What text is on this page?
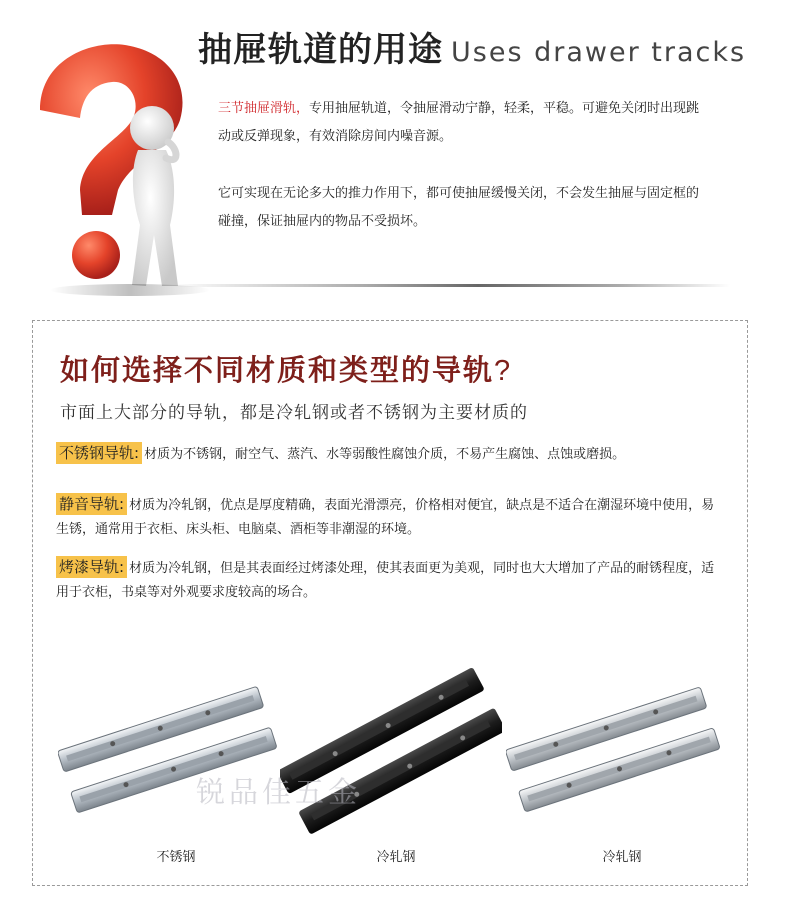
抽屉轨道的用途 Uses drawer tracks
三节抽屉滑轨，专用抽屉轨道，令抽屉滑动宁静，轻柔，平稳。可避免关闭时出现跳动或反弹现象，有效消除房间内噪音源。
它可实现在无论多大的推力作用下，都可使抽屉缓慢关闭，不会发生抽屉与固定框的碰撞，保证抽屉内的物品不受损坏。
如何选择不同材质和类型的导轨?
市面上大部分的导轨，都是冷轧钢或者不锈钢为主要材质的
不锈钢导轨: 材质为不锈钢，耐空气、蒸汽、水等弱酸性腐蚀介质，不易产生腐蚀、点蚀或磨损。
静音导轨: 材质为冷轧钢，优点是厚度精确，表面光滑漂亮，价格相对便宜，缺点是不适合在潮湿环境中使用，易生锈，通常用于衣柜、床头柜、电脑桌、酒柜等非潮湿的环境。
烤漆导轨: 材质为冷轧钢，但是其表面经过烤漆处理，使其表面更为美观，同时也大大增加了产品的耐锈程度，适用于衣柜，书桌等对外观要求度较高的场合。
锐品佳五金
不锈钢	冷轧钢	冷轧钢
